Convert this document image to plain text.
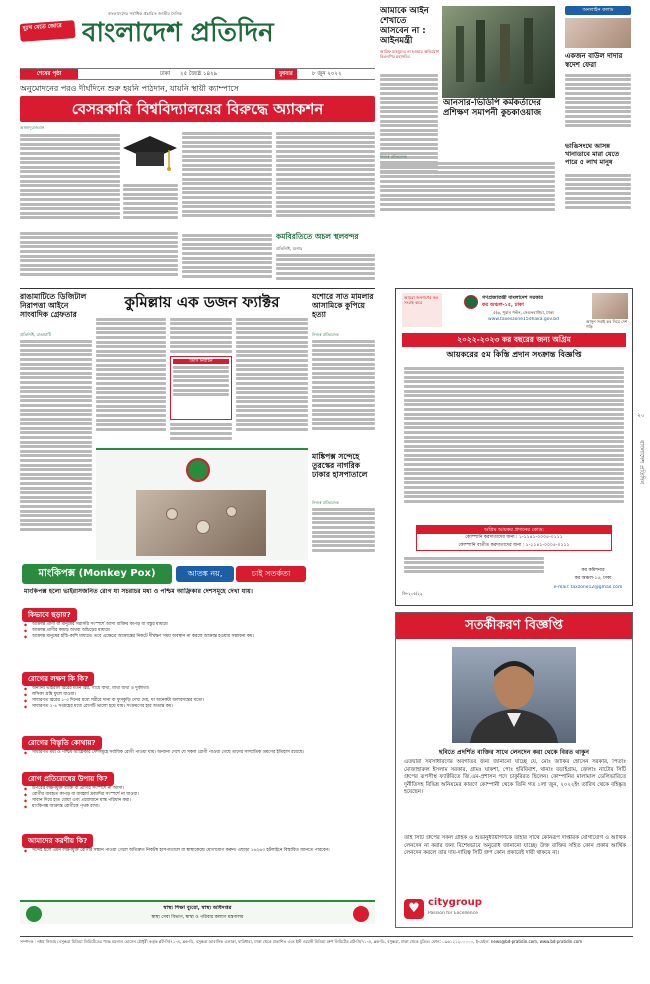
বাংলাদেশের সর্বাধিক প্রচারিত জাতীয় দৈনিক
দুঃখ যেতে জোরে বাংলাদেশ প্রতিদিন
শেষের পৃষ্ঠা	ঢাকা ২৫ জ্যৈষ্ঠ ১৪২৯	বুধবার	৮ জুন ২০২২
আমাকে আইন শেখাতে আসবেন না : আইনমন্ত্রী
আরিফ মাহমুদের না হওয়ার অভিযোগ বিএনপির মহাসচিব
আনসার-ভিডিপি কর্মকর্তাদের প্রশিক্ষণ সমাপনী কুচকাওয়াজ
নিজস্ব প্রতিবেদক
অনলাইন কলাম
একজন বাউল দাদার স্বদেশ ফেরা
ভাঙিসংঘে আসন্ন খানাডাবে মারা যেতে পারে ৫ লাখ মানুষ
অনুমোদনের পরও দীর্ঘদিনে শুরু হয়নি পাঠদান, যায়নি স্থায়ী ক্যাম্পাসে
বেসরকারি বিশ্ববিদ্যালয়ের বিরুদ্ধে অ্যাকশন
আজাদুরাজমান
কমবিরতিতে অচল স্থলবন্দর
প্রতিনিধি, যশোর
রাঙামাটিতে ডিজিটাল নিরাপত্তা আইনে সাংবাদিক গ্রেফতার
প্রতিনিধি, রাঙামাটি
কুমিল্লায় এক ডজন ফ্যাক্টর
ডিসি নির্বাচন
যশোরে সাত মামলার আসামিকে কুপিয়ে হত্যা
নিজস্ব প্রতিবেদক
মাঙ্কিপক্স সন্দেহে তুরস্কের নাগরিক ঢাকার হাসপাতালে
নিজস্ব প্রতিবেদক
আমরা জনগণের কর সংগ্রহ করে
গণপ্রজাতন্ত্রী বাংলাদেশ সরকার
কর অঞ্চল-১৫, ঢাকা
৫/৬, পুরান পল্টন, সেগুনবাগিচা, ঢাকা
www.taxeszone15dhaka.gov.bd	আসুন সবাই কর দিয়ে দেশ গড়ি
২০২২-২০২৩ কর বছরের জন্য অগ্রিম
আয়করের ৫ম কিস্তি প্রদান সংক্রান্ত বিজ্ঞপ্তি
অগ্রিম আয়কর প্রদানের কোড:
কোম্পানি করদাতাদের জন্য : ১-১১৪১-০০০৫-০১১১
কোম্পানি ব্যতীত করদাতাদের জন্য : ১-১১৪১-০০০৫-০১১১
কর কমিশনার
কর অঞ্চল-১৫, ঢাকা
e-mail: taxzone12@gmail.com
জি-২০৫/২২
মাংকিপক্স (Monkey Pox)	আতঙ্ক নয়,	চাই সতর্কতা
মাংকিপক্স হলো ভাইরাসজনিত রোগ যা সচরাচর মধ্য ও পশ্চিম আফ্রিকার দেশসমূহে দেখা যায়।
কিভাবে ছড়ায়?
◆ আক্রান্ত প্রাণী বা মানুষের সরাসরি সংস্পর্শে আসা ব্যক্তির কাপড় বা বস্তুর মাধ্যমে
◆ আক্রান্ত প্রাণীর কামড় অথবা আঁচড়ের মাধ্যমে
◆ আক্রান্ত মানুষের হাঁচি-কাশি মাধ্যমে। তবে এক্ষেত্রে আক্রান্তের নিকটে দীর্ঘক্ষণ সময় অবস্থান না করলে আক্রান্ত হওয়ার সম্ভাবনা কম।
রোগের লক্ষণ কি কি?
◆ অন্যান্য ভাইরাল জ্বরের মতন জ্বর, গায়ে ব্যথা, মাথা ব্যথা ও দুর্বলতা।
◆ লসিকা গ্রন্থি ফুলে যাওয়া।
◆ সাধারণত জ্বরের ১-৩ দিনের মধ্যে শরীরে দানা বা ফুসকুড়ি দেখা দেয়, যা অনেকটা জলবসন্তের মতো।
◆ সাধারণত ২-৪ সপ্তাহের মধ্যে রোগটি ভালো হয়ে যায়। সংক্রমণের হার অত্যন্ত কম।
রোগের বিস্তৃতি কোথায়?
◆ সাধারণত মধ্য ও পশ্চিম আফ্রিকার দেশসমূহে সর্বাধিক রোগী পাওয়া যায়। অন্যান্য দেশে যে সকল রোগী পাওয়া গেছে তাদের সাম্প্রতিক ভ্রমণের ইতিহাস রয়েছে।
রোগ প্রতিরোধের উপায় কি?
◆ উপরের লক্ষণযুক্ত ব্যক্তি বা প্রাণির সংস্পর্শে না আসা।
◆ রোগীর ব্যবহৃত কাপড় বা ব্যবহার্য দ্রব্যাদির সংস্পর্শে না যাওয়া।
◆ সাবান দিয়ে হাত ধোয়া এবং প্রয়োজনে মাস্ক পরিধান করা।
◆ মাংকিপক্স আক্রান্ত রোগীকে পৃথক রাখা।
আমাদের করণীয় কি?
◆ সন্দেহ হলে এমন লক্ষণযুক্ত রোগীর সন্ধান পাওয়া গেলে অতিদ্রুত নিকটস্থ হাসপাতালে বা স্বাস্থ্যকেন্দ্রে যোগাযোগ করুন। এছাড়া ১৬২৬৩ হটলাইনে বিস্তারিত জানতে পারবেন।
স্বাস্থ্য শিক্ষা ব্যুরো, স্বাস্থ্য অধিদপ্তর
স্বাস্থ্য সেবা বিভাগ, স্বাস্থ্য ও পরিবার কল্যাণ মন্ত্রণালয়
সতর্কীকরণ বিজ্ঞপ্তি
ছবিতে প্রদর্শিত ব্যক্তির সাথে লেনদেন করা থেকে বিরত থাকুন
এতদ্বারা সর্বসাধারণের অবগতির জন্য জানানো যাচ্ছে যে, মোঃ জাকির হোসেন সরকার, পিতাঃ মোজাহারুল ইসলাম সরকার, গ্রামঃ ঘাকশা, পোঃ হরিবিবাশ, থানাঃ বড়াইগ্রাম, জেলাঃ নাটোর সিটি গ্রুপের রূপসীস্থ ফ্যাক্টরিতে জি.এম-প্রশাসন পদে চাকুরিরত ছিলেন। কোম্পানির মালামাল ডেলিভারিতে দুর্নীতিসহ বিভিন্ন অনিয়মের কারণে কোম্পানী থেকে তিনি গত ১লা জুন, ২০২২ইং তারিখ থেকে বহিষ্কৃত হয়েছেন।
তাই সিটি গ্রুপের সকল গ্রাহক ও শুভানুধ্যায়ীগণকে তাহার সাথে কোনরূপ দাপ্তরিক যোগাযোগ ও আর্থিক লেনদেন না করার জন্য বিশেষভাবে অনুরোধ জানানো যাচ্ছে। উক্ত ব্যক্তির সহিত কোন প্রকার আর্থিক লেনদেন করলে তার দায়-দায়িত্ব সিটি গ্রুপ কোন প্রকারেই দায়ী থাকবে না।
♥ citygroup
Passion for Excellence
বাংলাদেশ প্রতিদিন
২০
সম্পাদক : নঈম নিজাম। বসুন্ধরা মিডিয়া লিমিটেডের পক্ষে ময়নাল হোসেন চৌধুরী কর্তৃক প্লট-সি/৭১-এ, ব্লক-ডি, বসুন্ধরা আবাসিক এলাকা, বারিধারা, ঢাকা থেকে প্রকাশিত এবং ইস্ট ওয়েস্ট মিডিয়া গ্রুপ লিমিটেড প্লট-সি/৭১-এ, ব্লক-ডি, বসুন্ধরা, ঢাকা থেকে মুদ্রিত। ফোন: ০৯৬১২১২০০০০০, ই-মেইল: news@bd-pratidin.com, www.bd-pratidin.com
